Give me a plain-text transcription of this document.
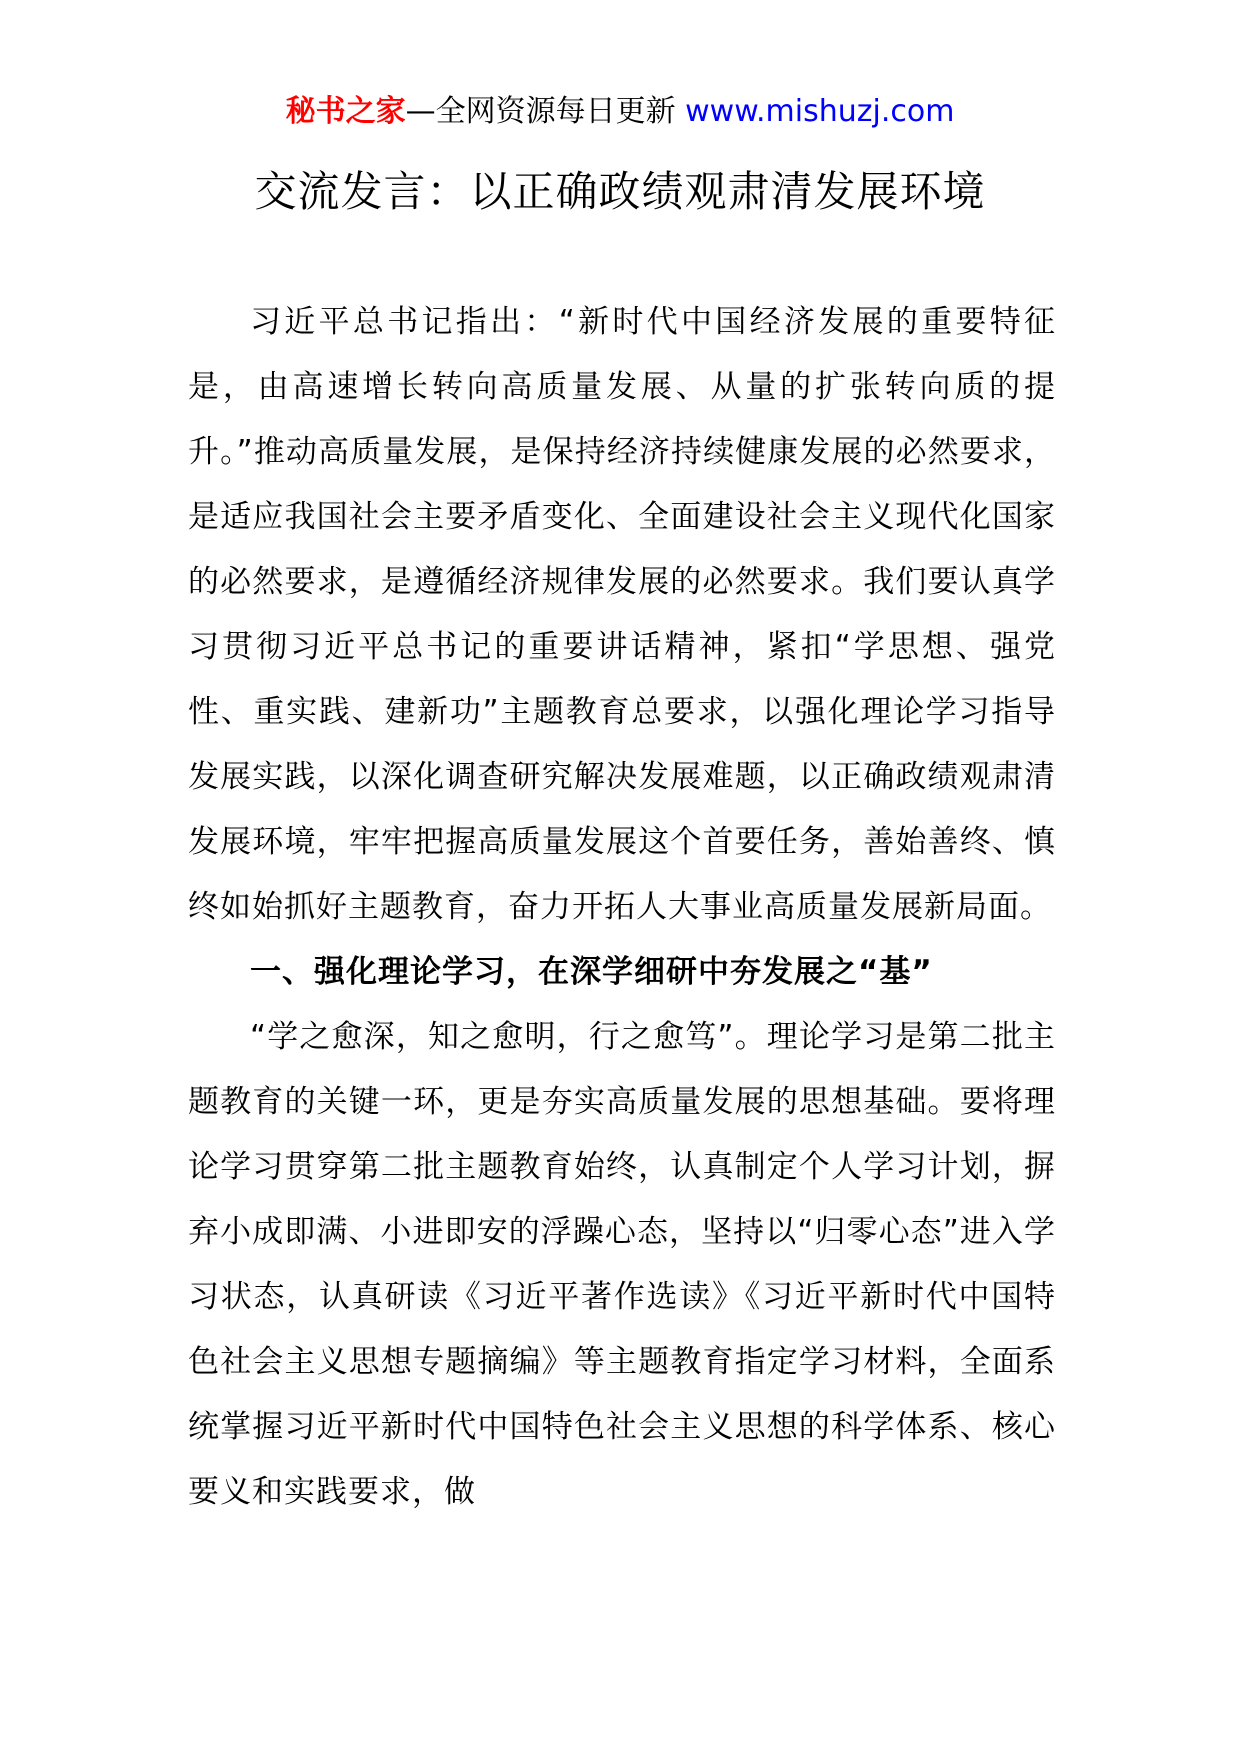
秘书之家—全网资源每日更新 www.mishuzj.com
交流发言：以正确政绩观肃清发展环境

习近平总书记指出：“新时代中国经济发展的重要特征是，由高速增长转向高质量发展、从量的扩张转向质的提升。”推动高质量发展，是保持经济持续健康发展的必然要求，是适应我国社会主要矛盾变化、全面建设社会主义现代化国家的必然要求，是遵循经济规律发展的必然要求。我们要认真学习贯彻习近平总书记的重要讲话精神，紧扣“学思想、强党性、重实践、建新功”主题教育总要求，以强化理论学习指导发展实践，以深化调查研究解决发展难题，以正确政绩观肃清发展环境，牢牢把握高质量发展这个首要任务，善始善终、慎终如始抓好主题教育，奋力开拓人大事业高质量发展新局面。

一、强化理论学习，在深学细研中夯发展之“基”

“学之愈深，知之愈明，行之愈笃”。理论学习是第二批主题教育的关键一环，更是夯实高质量发展的思想基础。要将理论学习贯穿第二批主题教育始终，认真制定个人学习计划，摒弃小成即满、小进即安的浮躁心态，坚持以“归零心态”进入学习状态，认真研读《习近平著作选读》《习近平新时代中国特色社会主义思想专题摘编》等主题教育指定学习材料，全面系统掌握习近平新时代中国特色社会主义思想的科学体系、核心要义和实践要求，做
